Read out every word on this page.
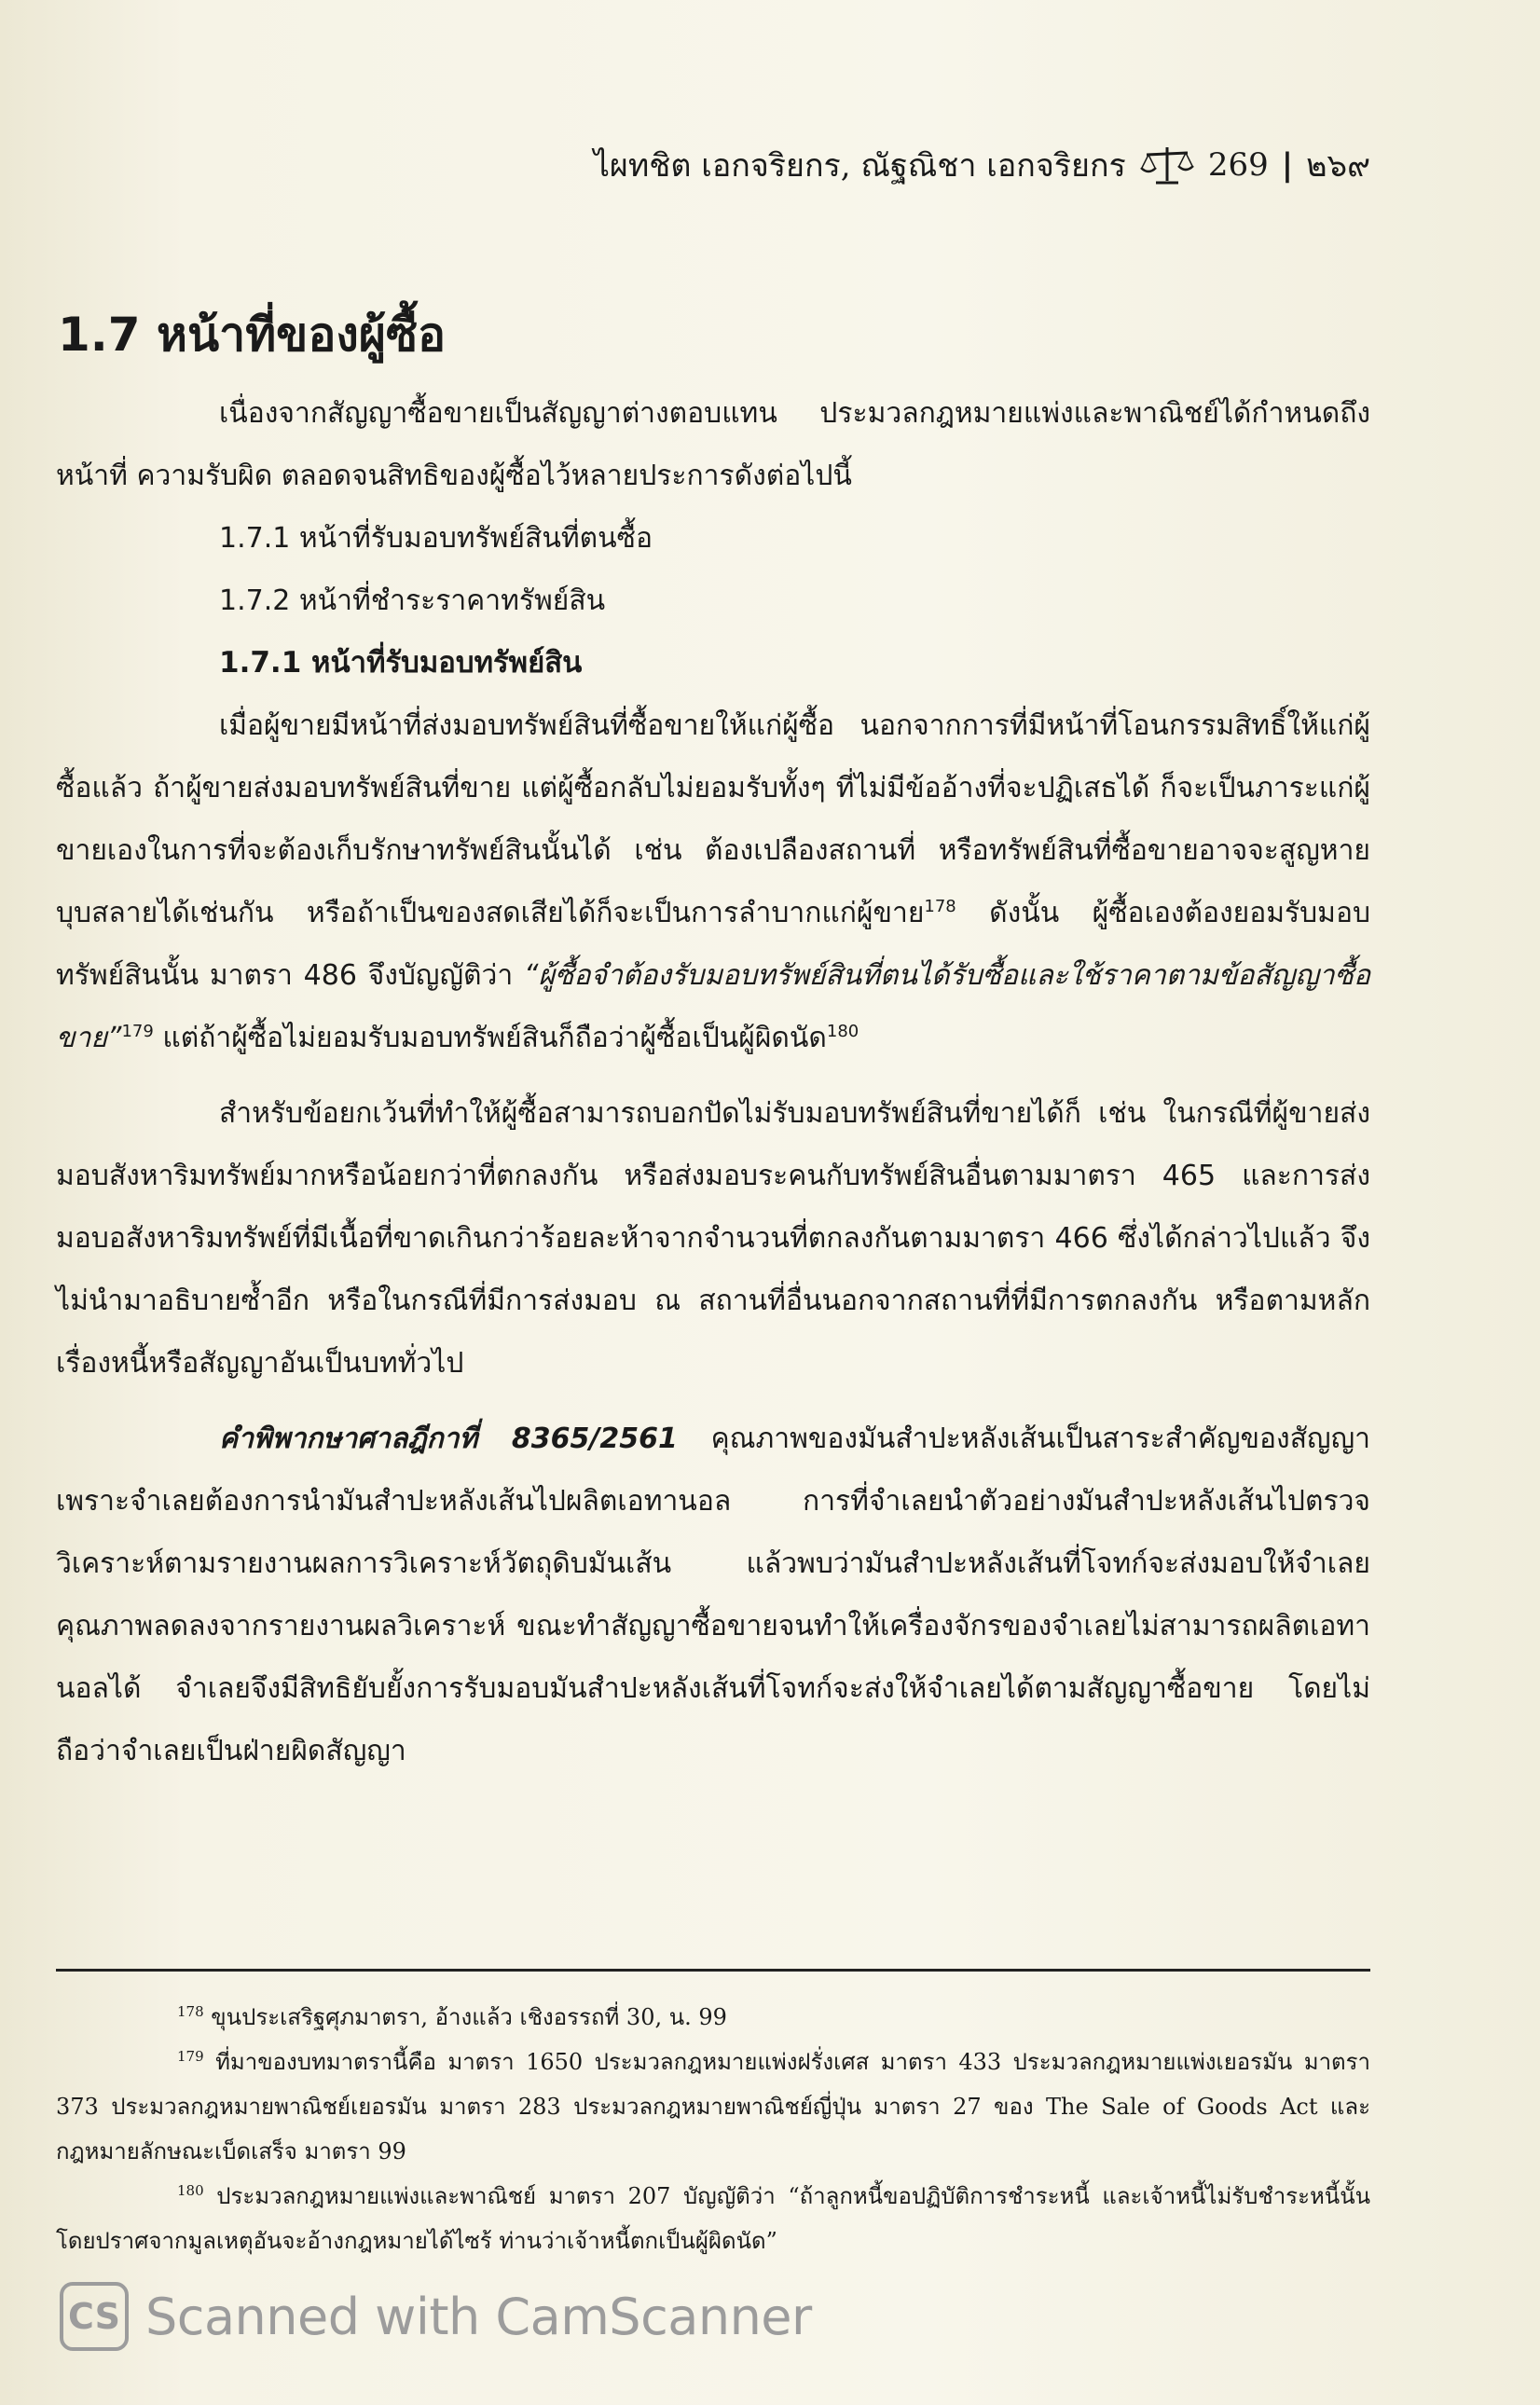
ไผทชิต เอกจริยกร, ณัฐณิชา เอกจริยกร	269 | ๒๖๙
1.7 หน้าที่ของผู้ซื้อ

เนื่องจากสัญญาซื้อขายเป็นสัญญาต่างตอบแทน ประมวลกฎหมายแพ่งและพาณิชย์ได้กำหนดถึงหน้าที่ ความรับผิด ตลอดจนสิทธิของผู้ซื้อไว้หลายประการดังต่อไปนี้

1.7.1 หน้าที่รับมอบทรัพย์สินที่ตนซื้อ

1.7.2 หน้าที่ชำระราคาทรัพย์สิน

1.7.1 หน้าที่รับมอบทรัพย์สิน

เมื่อผู้ขายมีหน้าที่ส่งมอบทรัพย์สินที่ซื้อขายให้แก่ผู้ซื้อ นอกจากการที่มีหน้าที่โอนกรรมสิทธิ์ให้แก่ผู้ซื้อแล้ว ถ้าผู้ขายส่งมอบทรัพย์สินที่ขาย แต่ผู้ซื้อกลับไม่ยอมรับทั้งๆ ที่ไม่มีข้ออ้างที่จะปฏิเสธได้ ก็จะเป็นภาระแก่ผู้ขายเองในการที่จะต้องเก็บรักษาทรัพย์สินนั้นได้ เช่น ต้องเปลืองสถานที่ หรือทรัพย์สินที่ซื้อขายอาจจะสูญหาย บุบสลายได้เช่นกัน หรือถ้าเป็นของสดเสียได้ก็จะเป็นการลำบากแก่ผู้ขาย$^{178}$ ดังนั้น ผู้ซื้อเองต้องยอมรับมอบทรัพย์สินนั้น มาตรา 486 จึงบัญญัติว่า “ผู้ซื้อจำต้องรับมอบทรัพย์สินที่ตนได้รับซื้อและใช้ราคาตามข้อสัญญาซื้อขาย”$^{179}$ แต่ถ้าผู้ซื้อไม่ยอมรับมอบทรัพย์สินก็ถือว่าผู้ซื้อเป็นผู้ผิดนัด$^{180}$

สำหรับข้อยกเว้นที่ทำให้ผู้ซื้อสามารถบอกปัดไม่รับมอบทรัพย์สินที่ขายได้ก็ เช่น ในกรณีที่ผู้ขายส่งมอบสังหาริมทรัพย์มากหรือน้อยกว่าที่ตกลงกัน หรือส่งมอบระคนกับทรัพย์สินอื่นตามมาตรา 465 และการส่งมอบอสังหาริมทรัพย์ที่มีเนื้อที่ขาดเกินกว่าร้อยละห้าจากจำนวนที่ตกลงกันตามมาตรา 466 ซึ่งได้กล่าวไปแล้ว จึงไม่นำมาอธิบายซ้ำอีก หรือในกรณีที่มีการส่งมอบ ณ สถานที่อื่นนอกจากสถานที่ที่มีการตกลงกัน หรือตามหลักเรื่องหนี้หรือสัญญาอันเป็นบททั่วไป

คำพิพากษาศาลฎีกาที่ 8365/2561 คุณภาพของมันสำปะหลังเส้นเป็นสาระสำคัญของสัญญาเพราะจำเลยต้องการนำมันสำปะหลังเส้นไปผลิตเอทานอล การที่จำเลยนำตัวอย่างมันสำปะหลังเส้นไปตรวจวิเคราะห์ตามรายงานผลการวิเคราะห์วัตถุดิบมันเส้น แล้วพบว่ามันสำปะหลังเส้นที่โจทก์จะส่งมอบให้จำเลยคุณภาพลดลงจากรายงานผลวิเคราะห์ ขณะทำสัญญาซื้อขายจนทำให้เครื่องจักรของจำเลยไม่สามารถผลิตเอทานอลได้ จำเลยจึงมีสิทธิยับยั้งการรับมอบมันสำปะหลังเส้นที่โจทก์จะส่งให้จำเลยได้ตามสัญญาซื้อขาย โดยไม่ถือว่าจำเลยเป็นฝ่ายผิดสัญญา

$^{178}$ ขุนประเสริฐศุภมาตรา, อ้างแล้ว เชิงอรรถที่ 30, น. 99

$^{179}$ ที่มาของบทมาตรานี้คือ มาตรา 1650 ประมวลกฎหมายแพ่งฝรั่งเศส มาตรา 433 ประมวลกฎหมายแพ่งเยอรมัน มาตรา 373 ประมวลกฎหมายพาณิชย์เยอรมัน มาตรา 283 ประมวลกฎหมายพาณิชย์ญี่ปุ่น มาตรา 27 ของ The Sale of Goods Act และกฎหมายลักษณะเบ็ดเสร็จ มาตรา 99

$^{180}$ ประมวลกฎหมายแพ่งและพาณิชย์ มาตรา 207 บัญญัติว่า “ถ้าลูกหนี้ขอปฏิบัติการชำระหนี้ และเจ้าหนี้ไม่รับชำระหนี้นั้นโดยปราศจากมูลเหตุอันจะอ้างกฎหมายได้ไซร้ ท่านว่าเจ้าหนี้ตกเป็นผู้ผิดนัด”

CS Scanned with CamScanner
